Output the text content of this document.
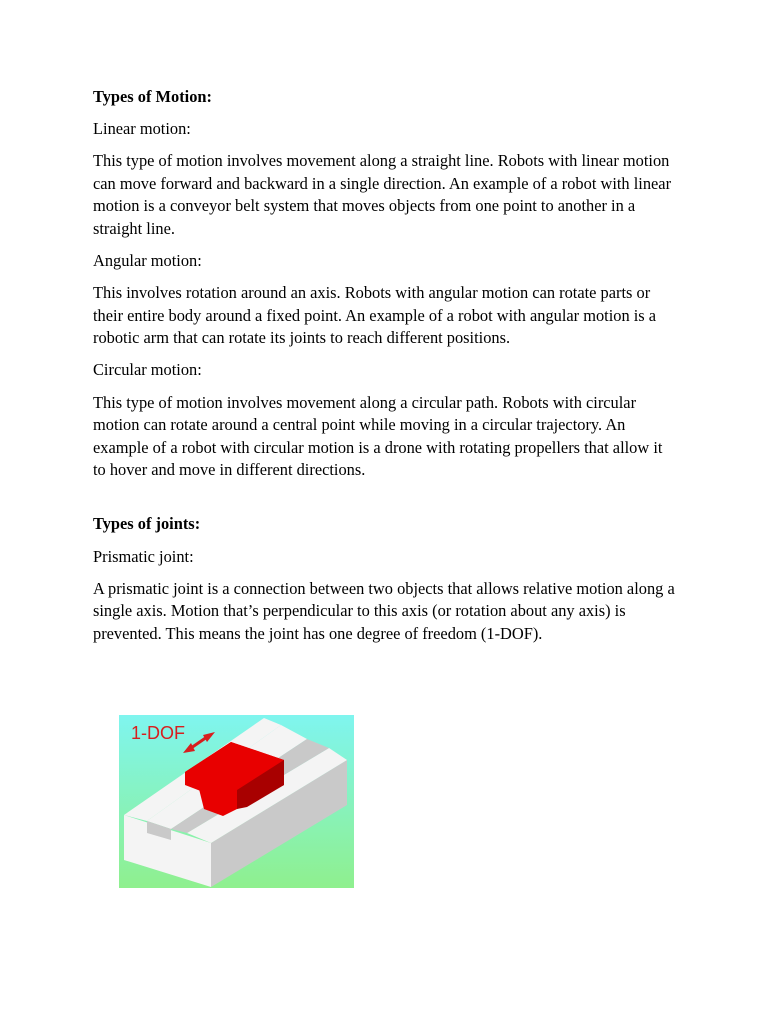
Types of Motion:

Linear motion:

This type of motion involves movement along a straight line. Robots with linear motion can move forward and backward in a single direction. An example of a robot with linear motion is a conveyor belt system that moves objects from one point to another in a straight line.

Angular motion:

This involves rotation around an axis. Robots with angular motion can rotate parts or their entire body around a fixed point. An example of a robot with angular motion is a robotic arm that can rotate its joints to reach different positions.

Circular motion:

This type of motion involves movement along a circular path. Robots with circular motion can rotate around a central point while moving in a circular trajectory. An example of a robot with circular motion is a drone with rotating propellers that allow it to hover and move in different directions.

Types of joints:

Prismatic joint:

A prismatic joint is a connection between two objects that allows relative motion along a single axis. Motion that’s perpendicular to this axis (or rotation about any axis) is prevented. This means the joint has one degree of freedom (1-DOF).

1-DOF
